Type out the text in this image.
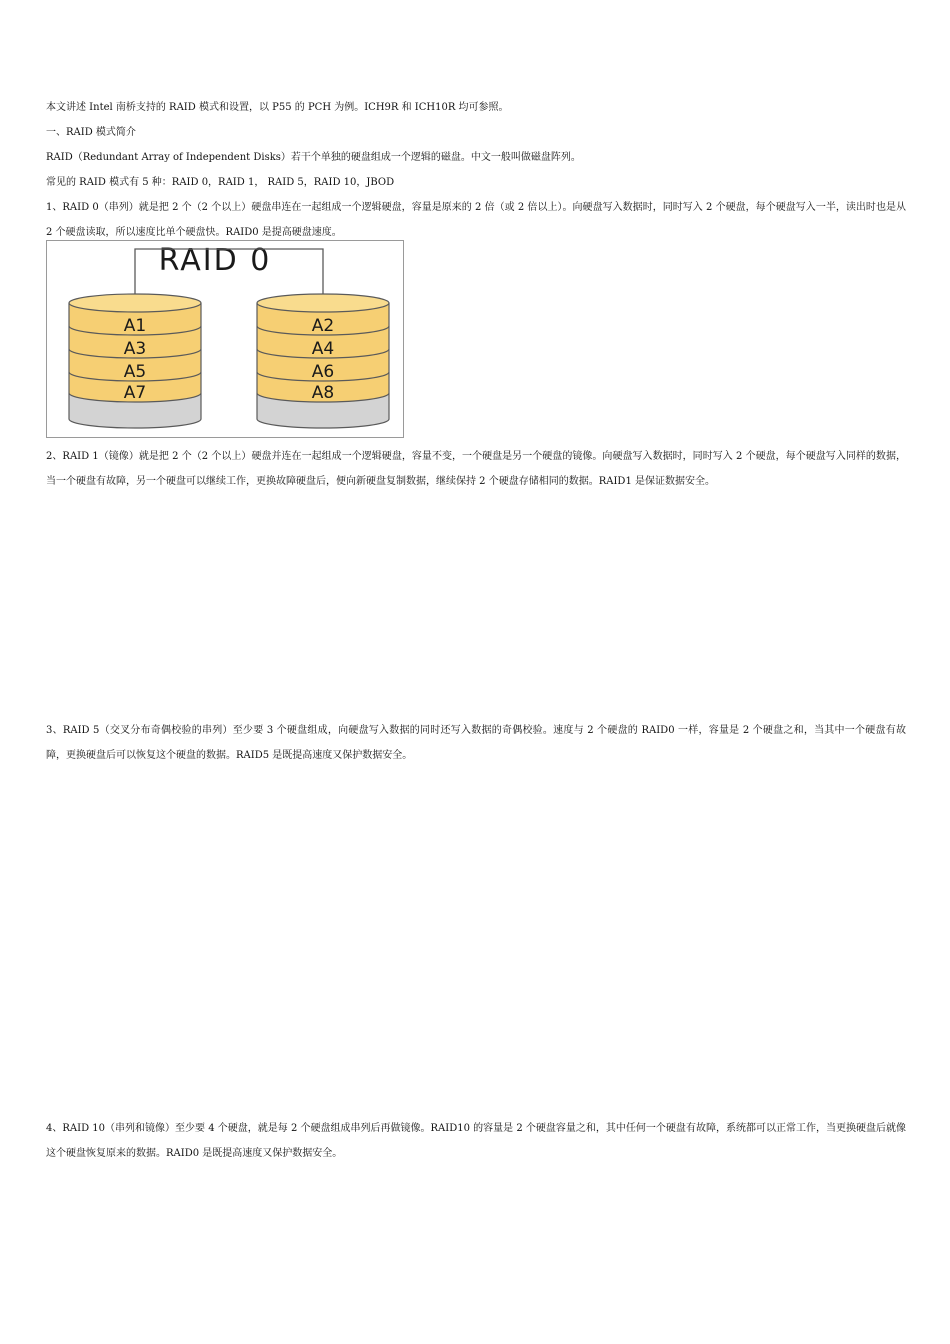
本文讲述 Intel 南桥支持的 RAID 模式和设置，以 P55 的 PCH 为例。ICH9R 和 ICH10R 均可参照。
一、RAID 模式简介
RAID（Redundant Array of Independent Disks）若干个单独的硬盘组成一个逻辑的磁盘。中文一般叫做磁盘阵列。
常见的 RAID 模式有 5 种：RAID 0，RAID 1， RAID 5，RAID 10，JBOD
1、RAID 0（串列）就是把 2 个（2 个以上）硬盘串连在一起组成一个逻辑硬盘，容量是原来的 2 倍（或 2 倍以上）。向硬盘写入数据时，同时写入 2 个硬盘，每个硬盘写入一半，读出时也是从 2 个硬盘读取，所以速度比单个硬盘快。RAID0 是提高硬盘速度。
RAID 0
A1
A3
A5
A7
A2
A4
A6
A8
2、RAID 1（镜像）就是把 2 个（2 个以上）硬盘并连在一起组成一个逻辑硬盘，容量不变，一个硬盘是另一个硬盘的镜像。向硬盘写入数据时，同时写入 2 个硬盘，每个硬盘写入同样的数据，当一个硬盘有故障，另一个硬盘可以继续工作，更换故障硬盘后，便向新硬盘复制数据，继续保持 2 个硬盘存储相同的数据。RAID1 是保证数据安全。
3、RAID 5（交叉分布奇偶校验的串列）至少要 3 个硬盘组成，向硬盘写入数据的同时还写入数据的奇偶校验。速度与 2 个硬盘的 RAID0 一样，容量是 2 个硬盘之和，当其中一个硬盘有故障，更换硬盘后可以恢复这个硬盘的数据。RAID5 是既提高速度又保护数据安全。
4、RAID 10（串列和镜像）至少要 4 个硬盘，就是每 2 个硬盘组成串列后再做镜像。RAID10 的容量是 2 个硬盘容量之和，其中任何一个硬盘有故障，系统都可以正常工作，当更换硬盘后就像这个硬盘恢复原来的数据。RAID0 是既提高速度又保护数据安全。
